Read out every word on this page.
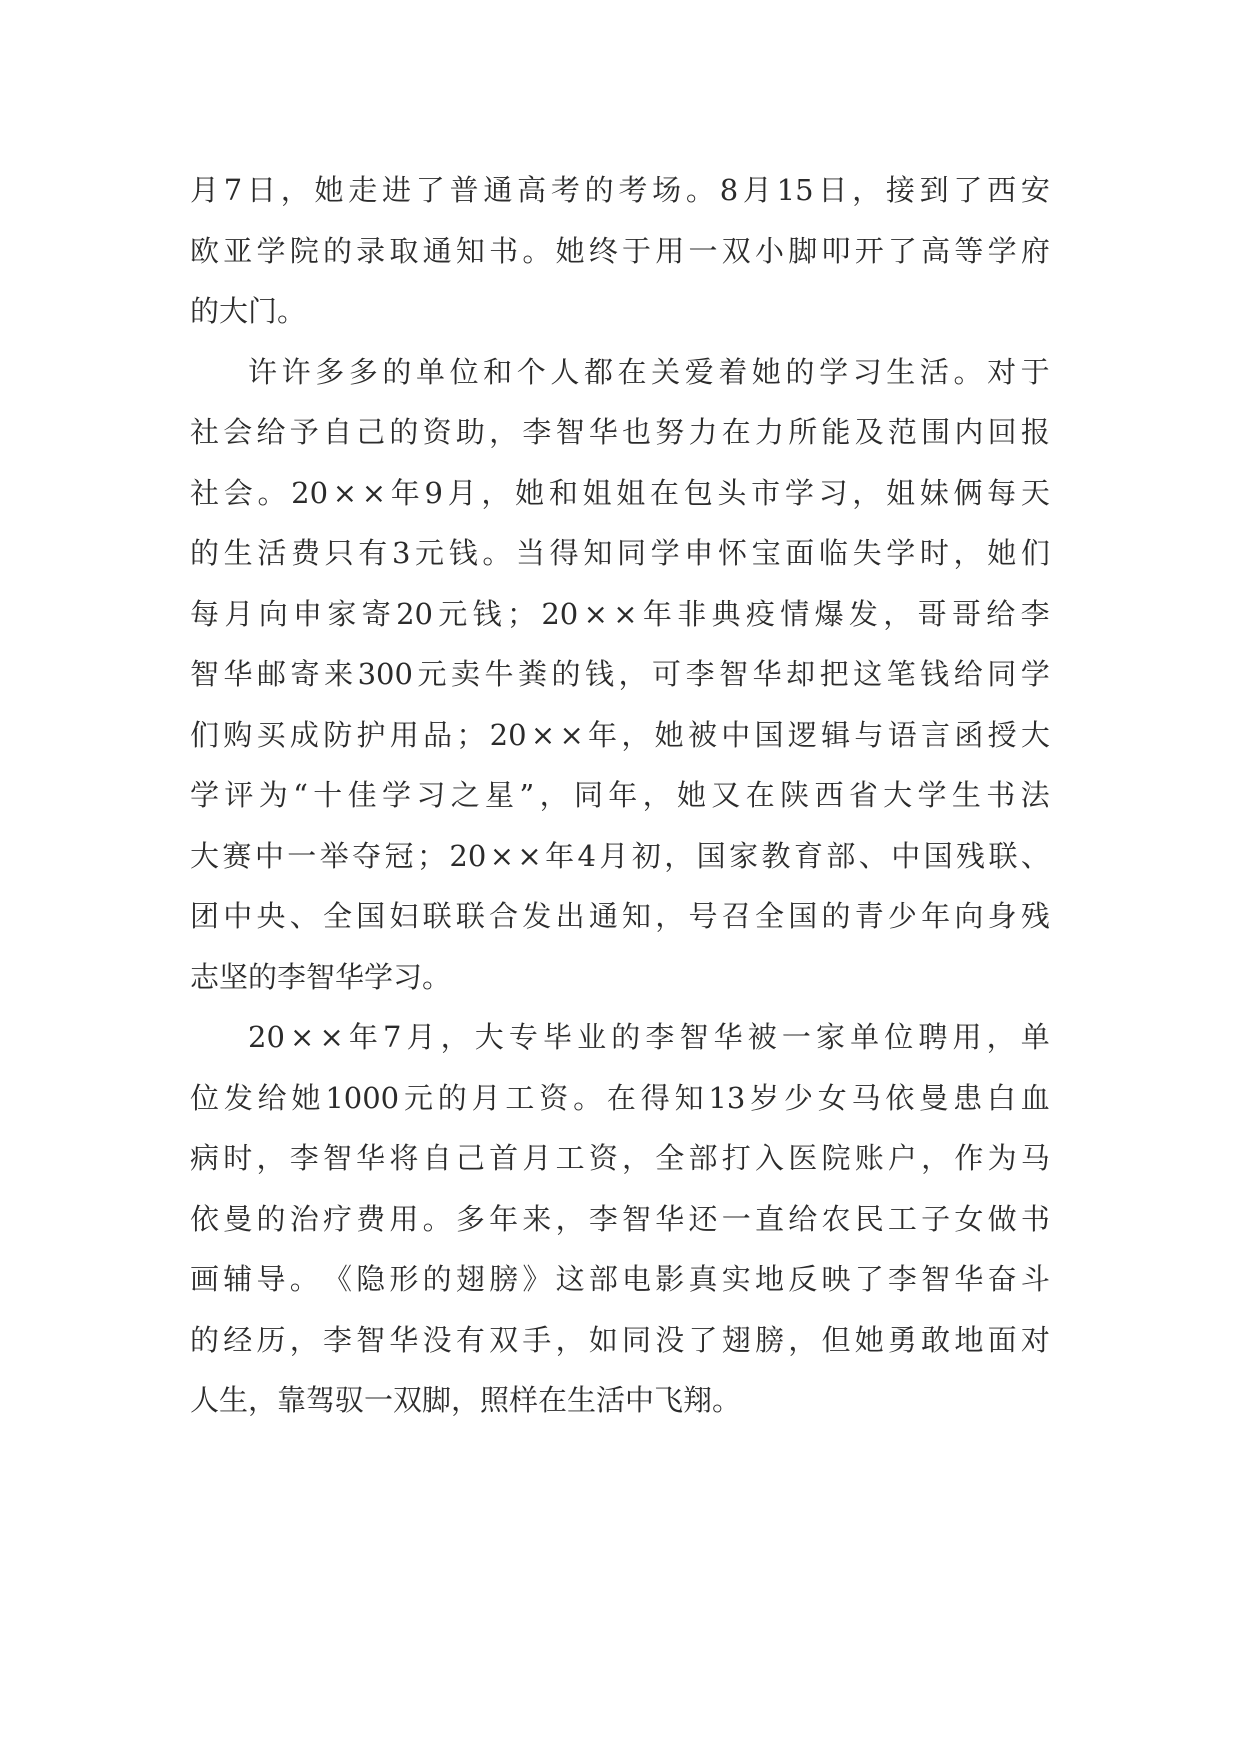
月 7 日 ， 她 走 进 了 普 通 高 考 的 考 场 。 8 月 15 日 ， 接 到 了 西 安
欧 亚 学 院 的 录 取 通 知 书 。 她 终 于 用 一 双 小 脚 叩 开 了 高 等 学 府
的大门。
许 许 多 多 的 单 位 和 个 人 都 在 关 爱 着 她 的 学 习 生 活 。 对 于
社 会 给 予 自 己 的 资 助 ， 李 智 华 也 努 力 在 力 所 能 及 范 围 内 回 报
社 会 。 20 × × 年 9 月 ， 她 和 姐 姐 在 包 头 市 学 习 ， 姐 妹 俩 每 天
的 生 活 费 只 有 3 元 钱 。 当 得 知 同 学 申 怀 宝 面 临 失 学 时 ， 她 们
每 月 向 申 家 寄 20 元 钱 ； 20 × × 年 非 典 疫 情 爆 发 ， 哥 哥 给 李
智 华 邮 寄 来 300 元 卖 牛 粪 的 钱 ， 可 李 智 华 却 把 这 笔 钱 给 同 学
们 购 买 成 防 护 用 品 ； 20 × × 年 ， 她 被 中 国 逻 辑 与 语 言 函 授 大
学 评 为 “ 十 佳 学 习 之 星 ” ， 同 年 ， 她 又 在 陕 西 省 大 学 生 书 法
大 赛 中 一 举 夺 冠 ； 20 × × 年 4 月 初 ， 国 家 教 育 部 、 中 国 残 联 、
团 中 央 、 全 国 妇 联 联 合 发 出 通 知 ， 号 召 全 国 的 青 少 年 向 身 残
志坚的李智华学习。
20 × × 年 7 月 ， 大 专 毕 业 的 李 智 华 被 一 家 单 位 聘 用 ， 单
位 发 给 她 1000 元 的 月 工 资 。 在 得 知 13 岁 少 女 马 依 曼 患 白 血
病 时 ， 李 智 华 将 自 己 首 月 工 资 ， 全 部 打 入 医 院 账 户 ， 作 为 马
依 曼 的 治 疗 费 用 。 多 年 来 ， 李 智 华 还 一 直 给 农 民 工 子 女 做 书
画 辅 导 。 《 隐 形 的 翅 膀 》 这 部 电 影 真 实 地 反 映 了 李 智 华 奋 斗
的 经 历 ， 李 智 华 没 有 双 手 ， 如 同 没 了 翅 膀 ， 但 她 勇 敢 地 面 对
人生，靠驾驭一双脚，照样在生活中飞翔。
